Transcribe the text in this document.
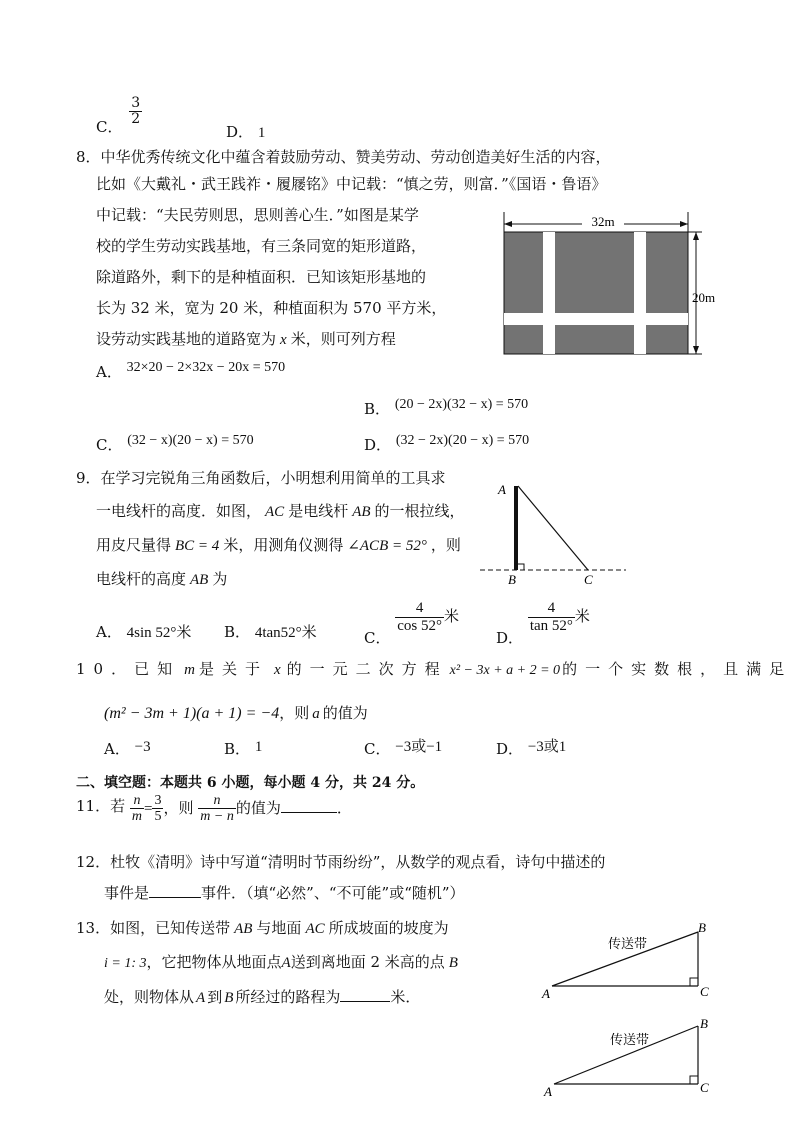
C． $\frac{3}{2}$
D． 1
8．中华优秀传统文化中蕴含着鼓励劳动、赞美劳动、劳动创造美好生活的内容，
比如《大戴礼・武王践祚・履屦铭》中记载：“慎之劳，则富．”《国语・鲁语》
中记载：“夫民劳则思，思则善心生．”如图是某学
校的学生劳动实践基地，有三条同宽的矩形道路，
除道路外，剩下的是种植面积．已知该矩形基地的
长为 32 米，宽为 20 米，种植面积为 570 平方米，
设劳动实践基地的道路宽为 x 米，则可列方程
A． 32×20 − 2×32x − 20x = 570
B． (20 − 2x)(32 − x) = 570
C． (32 − x)(20 − x) = 570	D． (32 − 2x)(20 − x) = 570
32m
20m
9．在学习完锐角三角函数后，小明想利用简单的工具求
一电线杆的高度．如图， AC 是电线杆 AB 的一根拉线，
用皮尺量得 BC = 4 米，用测角仪测得 ∠ACB = 52° ，则
电线杆的高度 AB 为
A． 4sin 52°米 B． 4tan52°米	C．
$\frac{4}{\cos 52^\circ}$ 米
D．
$\frac{4}{\tan 52^\circ}$ 米
A
B	C
10．已知 m 是关于 x 的一元二次方程 x² − 3x + a + 2 = 0 的一个实数根，且满足
(m² − 3m + 1)(a + 1) = −4，则 a 的值为
A． −3	B． 1	C． −3或−1	D． −3或1
二、填空题：本题共 6 小题，每小题 4 分，共 24 分。
11．若 $\frac{n}{m} = \frac{3}{5}$ ，则 $\frac{n}{m - n}$ 的值为	．
12．杜牧《清明》诗中写道“清明时节雨纷纷”，从数学的观点看，诗句中描述的
事件是	事件．（填“必然”、“不可能”或“随机”）
13．如图，已知传送带 AB 与地面 AC 所成坡面的坡度为
i = 1: 3，它把物体从地面点A送到离地面 2 米高的点 B
处，则物体从 A 到 B 所经过的路程为	米．
传送带
A
B
C
传送带
A
B
C
